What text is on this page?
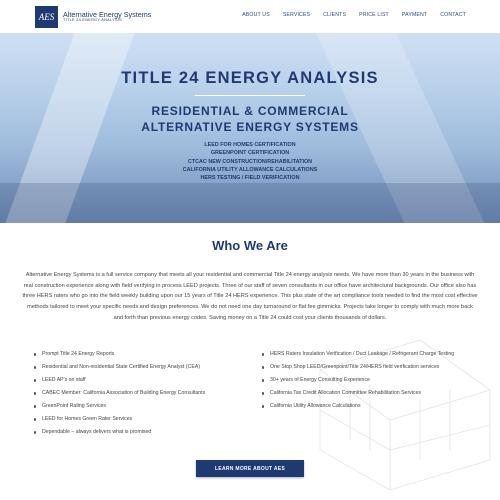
AES	Alternative Energy Systems
TITLE 24 ENERGY ANALYSIS
ABOUT US	SERVICES	CLIENTS	PRICE LIST	PAYMENT	CONTACT
TITLE 24 ENERGY ANALYSIS
RESIDENTIAL & COMMERCIAL
ALTERNATIVE ENERGY SYSTEMS
LEED FOR HOMES CERTIFICATION
GREENPOINT CERTIFICATION
CTCAC NEW CONSTRUCTION/REHABILITATION
CALIFORNIA UTILITY ALLOWANCE CALCULATIONS
HERS TESTING / FIELD VERIFICATION
Who We Are
Alternative Energy Systems is a full service company that meets all your residential and commercial Title 24 energy analysis needs. We have more than 30 years in the business with real construction experience along with field verifying in process LEED projects. Three of our staff of seven consultants in our office have architectural backgrounds. Our office also has three HERS raters who go into the field weekly building upon our 15 years of Title 24 HERS experience. This plus state of the art compliance tools needed to find the most cost effective methods tailored to meet your specific needs and design preferences. We do not need one day turnaround or flat fee gimmicks. Projects take longer to comply with much more back and forth than previous energy codes. Saving money on a Title 24 could cost your clients thousands of dollars.
Prompt Title 24 Energy Reports
Residential and Non-residential State Certified Energy Analyst (CEA)
LEED AP's on staff
CABEC Member: California Association of Building Energy Consultants
GreenPoint Rating Services
LEED for Homes Green Rater Services
Dependable – always delivers what is promised
HERS Raters Insulation Verification / Duct Leakage / Refrigerant Charge Testing
One Stop Shop LEED/Greenpoint/Title 24/HERS field verification services
30+ years of Energy Consulting Experience
California Tax Credit Allocation Committee Rehabilitation Services
California Utility Allowance Calculations
LEARN MORE ABOUT AES
